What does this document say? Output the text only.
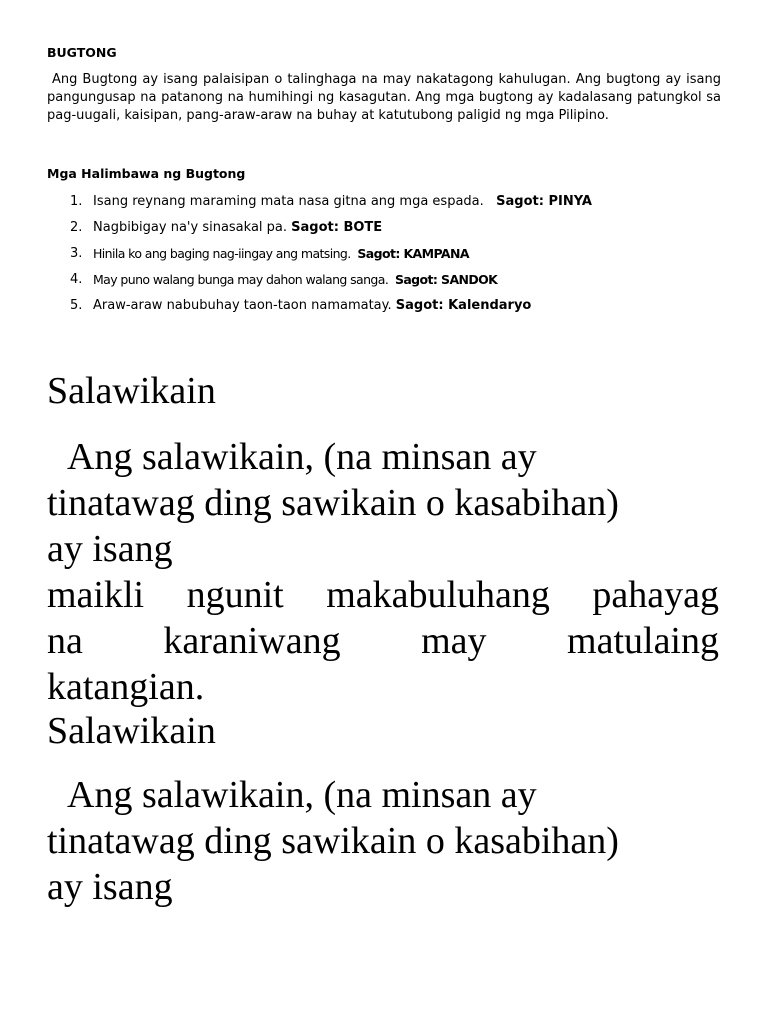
BUGTONG
Ang Bugtong ay isang palaisipan o talinghaga na may nakatagong kahulugan. Ang bugtong ay isang pangungusap na patanong na humihingi ng kasagutan. Ang mga bugtong ay kadalasang patungkol sa pag-uugali, kaisipan, pang-araw-araw na buhay at katutubong paligid ng mga Pilipino.
Mga Halimbawa ng Bugtong
1. Isang reynang maraming mata nasa gitna ang mga espada. Sagot: PINYA
2. Nagbibigay na'y sinasakal pa. Sagot: BOTE
3. Hinila ko ang baging nag-iingay ang matsing. Sagot: KAMPANA
4. May puno walang bunga may dahon walang sanga. Sagot: SANDOK
5. Araw-araw nabubuhay taon-taon namamatay. Sagot: Kalendaryo
Salawikain
Ang salawikain, (na minsan ay
tinatawag ding sawikain o kasabihan)
ay isang
maikli ngunit makabuluhang pahayag
na karaniwang may matulaing
katangian.
Salawikain
Ang salawikain, (na minsan ay
tinatawag ding sawikain o kasabihan)
ay isang
